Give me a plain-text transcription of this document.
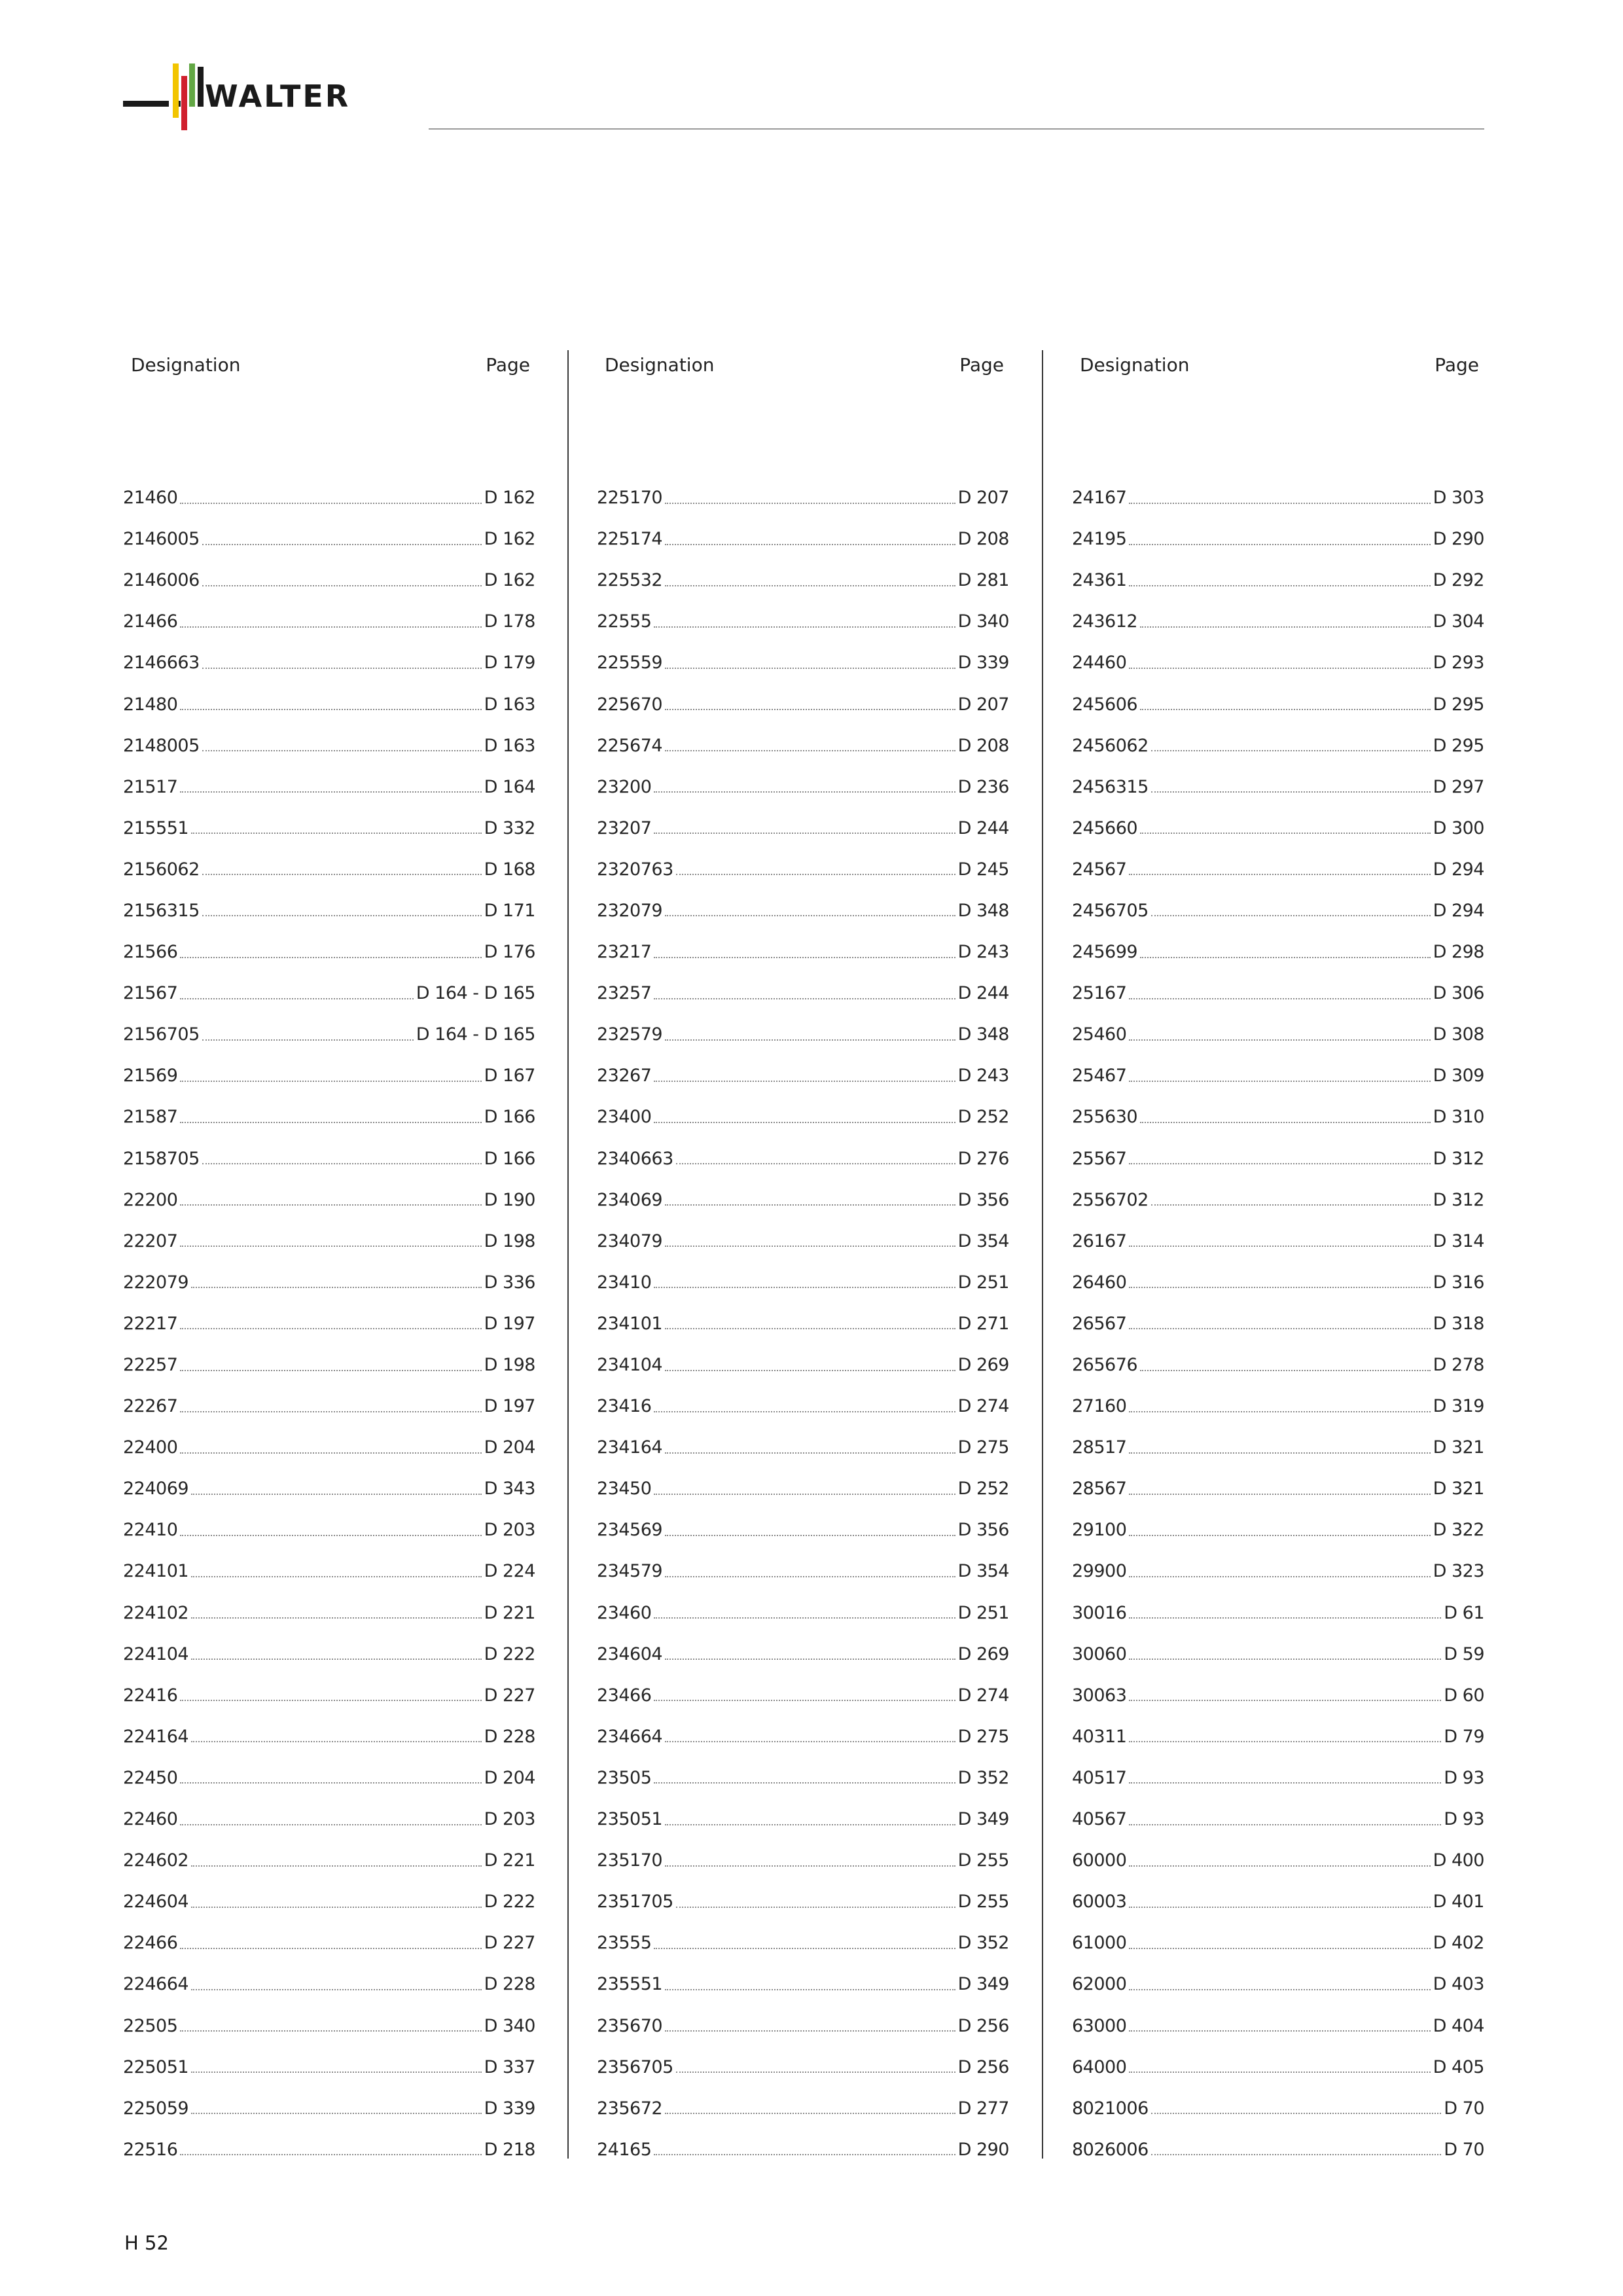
WALTER
Designation	Page
21460	D 162
2146005	D 162
2146006	D 162
21466	D 178
2146663	D 179
21480	D 163
2148005	D 163
21517	D 164
215551	D 332
2156062	D 168
2156315	D 171
21566	D 176
21567	D 164 - D 165
2156705	D 164 - D 165
21569	D 167
21587	D 166
2158705	D 166
22200	D 190
22207	D 198
222079	D 336
22217	D 197
22257	D 198
22267	D 197
22400	D 204
224069	D 343
22410	D 203
224101	D 224
224102	D 221
224104	D 222
22416	D 227
224164	D 228
22450	D 204
22460	D 203
224602	D 221
224604	D 222
22466	D 227
224664	D 228
22505	D 340
225051	D 337
225059	D 339
22516	D 218
Designation	Page
225170	D 207
225174	D 208
225532	D 281
22555	D 340
225559	D 339
225670	D 207
225674	D 208
23200	D 236
23207	D 244
2320763	D 245
232079	D 348
23217	D 243
23257	D 244
232579	D 348
23267	D 243
23400	D 252
2340663	D 276
234069	D 356
234079	D 354
23410	D 251
234101	D 271
234104	D 269
23416	D 274
234164	D 275
23450	D 252
234569	D 356
234579	D 354
23460	D 251
234604	D 269
23466	D 274
234664	D 275
23505	D 352
235051	D 349
235170	D 255
2351705	D 255
23555	D 352
235551	D 349
235670	D 256
2356705	D 256
235672	D 277
24165	D 290
Designation	Page
24167	D 303
24195	D 290
24361	D 292
243612	D 304
24460	D 293
245606	D 295
2456062	D 295
2456315	D 297
245660	D 300
24567	D 294
2456705	D 294
245699	D 298
25167	D 306
25460	D 308
25467	D 309
255630	D 310
25567	D 312
2556702	D 312
26167	D 314
26460	D 316
26567	D 318
265676	D 278
27160	D 319
28517	D 321
28567	D 321
29100	D 322
29900	D 323
30016	D 61
30060	D 59
30063	D 60
40311	D 79
40517	D 93
40567	D 93
60000	D 400
60003	D 401
61000	D 402
62000	D 403
63000	D 404
64000	D 405
8021006	D 70
8026006	D 70
H 52
